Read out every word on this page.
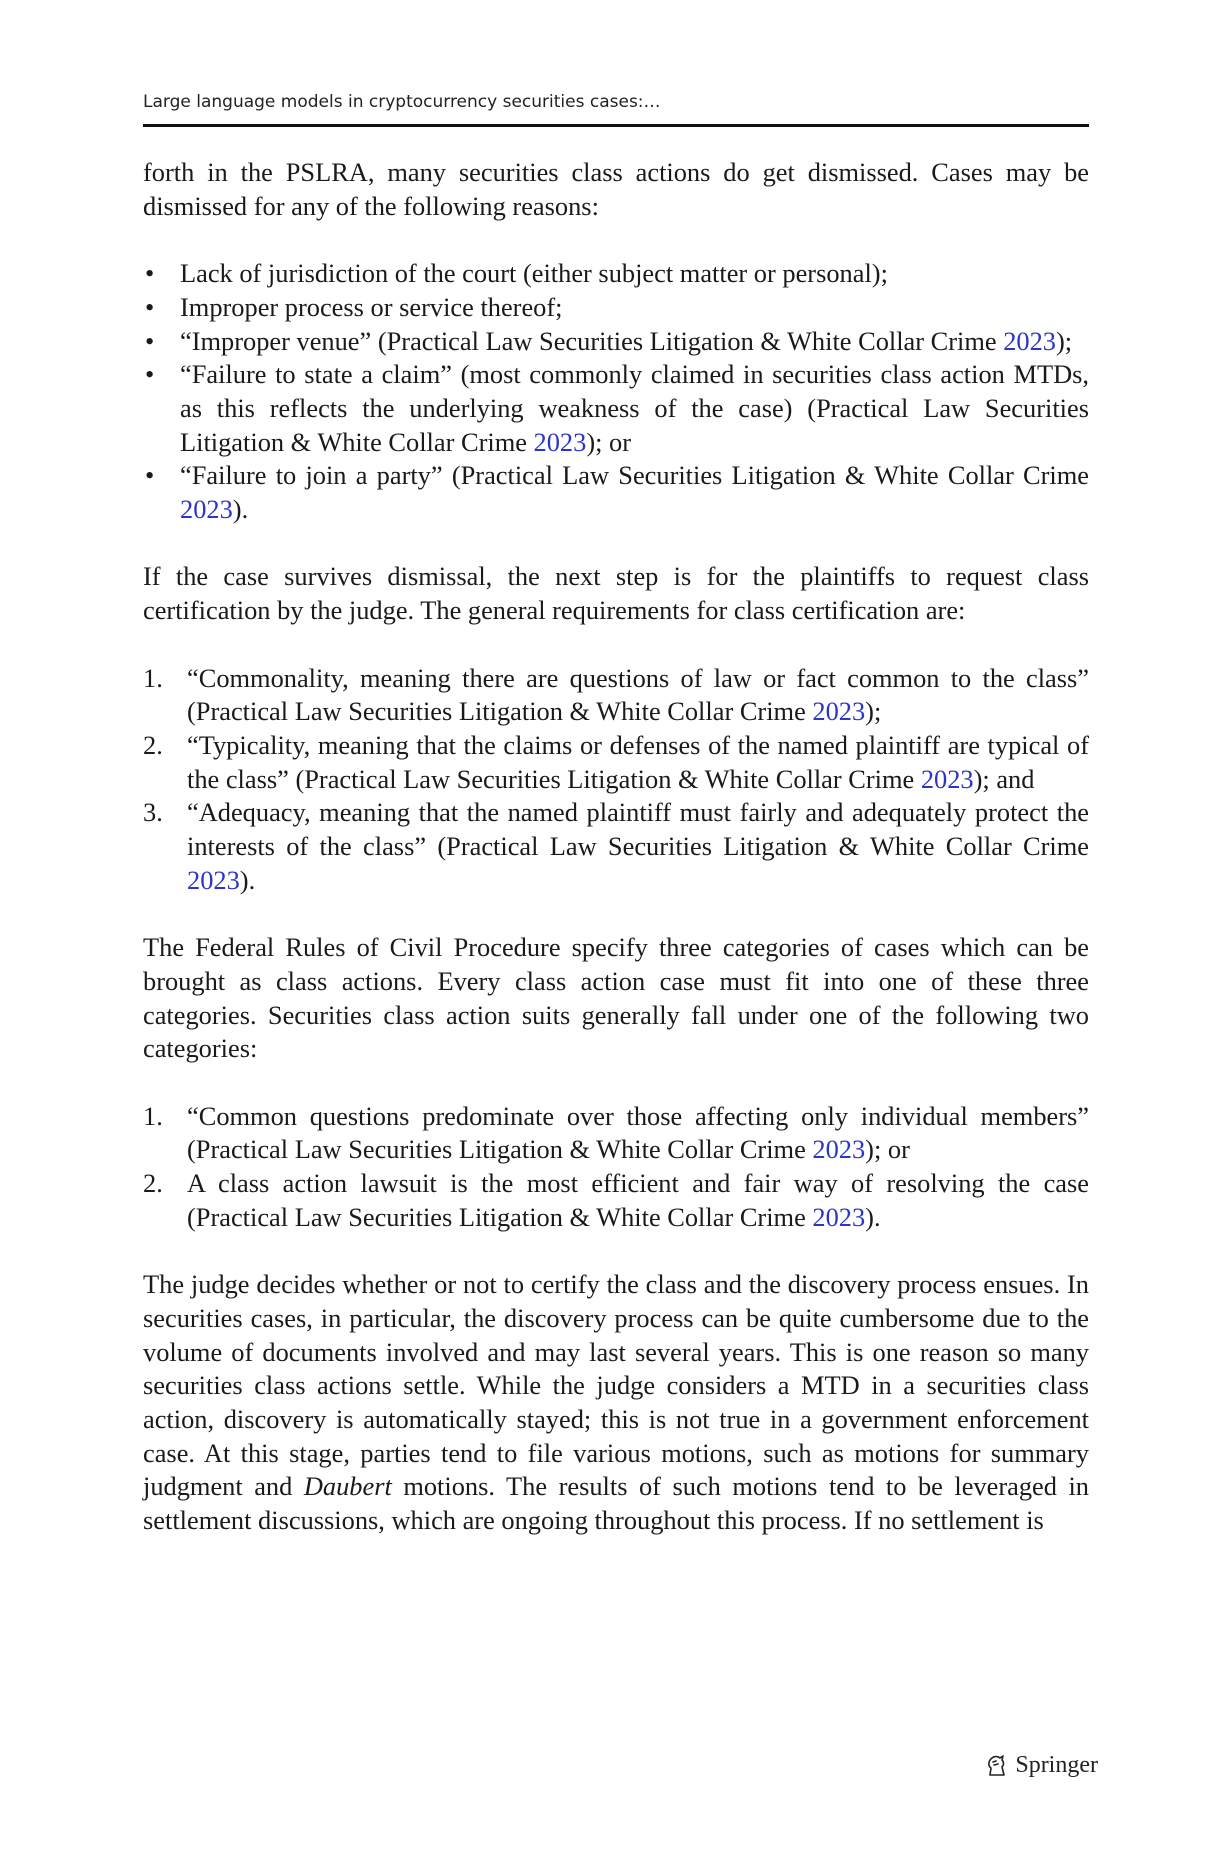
Large language models in cryptocurrency securities cases:…

forth in the PSLRA, many securities class actions do get dismissed. Cases may be dismissed for any of the following reasons:

• Lack of jurisdiction of the court (either subject matter or personal);
• Improper process or service thereof;
• “Improper venue” (Practical Law Securities Litigation & White Collar Crime 2023);
• “Failure to state a claim” (most commonly claimed in securities class action MTDs, as this reflects the underlying weakness of the case) (Practical Law Securities Litigation & White Collar Crime 2023); or
• “Failure to join a party” (Practical Law Securities Litigation & White Collar Crime 2023).

If the case survives dismissal, the next step is for the plaintiffs to request class certification by the judge. The general requirements for class certification are:

1. “Commonality, meaning there are questions of law or fact common to the class” (Practical Law Securities Litigation & White Collar Crime 2023);
2. “Typicality, meaning that the claims or defenses of the named plaintiff are typical of the class” (Practical Law Securities Litigation & White Collar Crime 2023); and
3. “Adequacy, meaning that the named plaintiff must fairly and adequately protect the interests of the class” (Practical Law Securities Litigation & White Collar Crime 2023).

The Federal Rules of Civil Procedure specify three categories of cases which can be brought as class actions. Every class action case must fit into one of these three categories. Securities class action suits generally fall under one of the following two categories:

1. “Common questions predominate over those affecting only individual members” (Practical Law Securities Litigation & White Collar Crime 2023); or
2. A class action lawsuit is the most efficient and fair way of resolving the case (Practical Law Securities Litigation & White Collar Crime 2023).

The judge decides whether or not to certify the class and the discovery process ensues. In securities cases, in particular, the discovery process can be quite cumbersome due to the volume of documents involved and may last several years. This is one reason so many securities class actions settle. While the judge considers a MTD in a securities class action, discovery is automatically stayed; this is not true in a government enforcement case. At this stage, parties tend to file various motions, such as motions for summary judgment and Daubert motions. The results of such motions tend to be leveraged in settlement discussions, which are ongoing throughout this process. If no settlement is

Springer
